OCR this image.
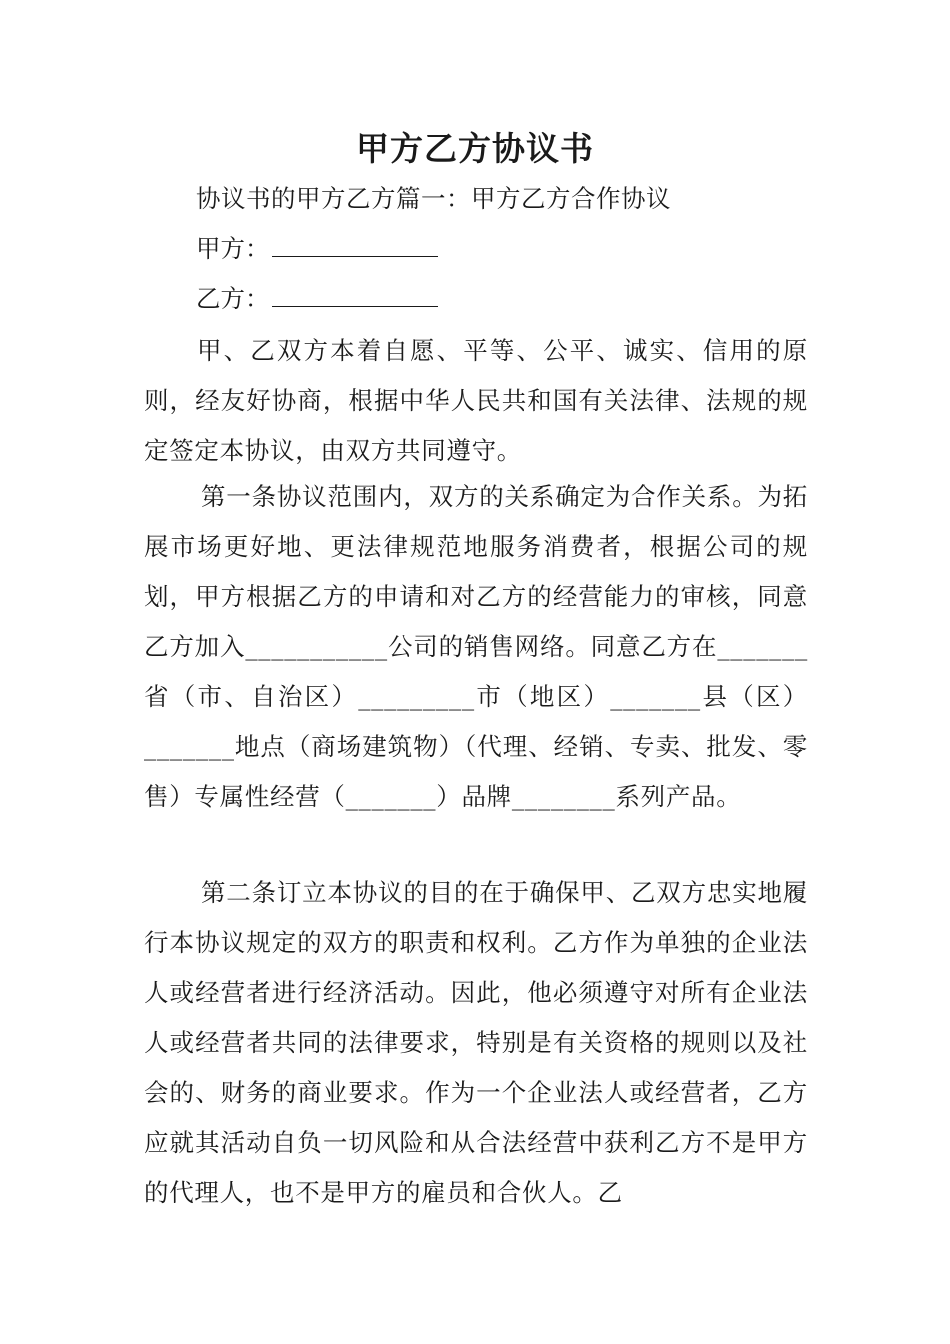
甲方乙方协议书
协议书的甲方乙方篇一：甲方乙方合作协议
甲方：
乙方：

甲、乙双方本着自愿、平等、公平、诚实、信用的原则，经友好协商，根据中华人民共和国有关法律、法规的规定签定本协议，由双方共同遵守。

第一条协议范围内，双方的关系确定为合作关系。为拓展市场更好地、更法律规范地服务消费者，根据公司的规划，甲方根据乙方的申请和对乙方的经营能力的审核，同意乙方加入___________公司的销售网络。同意乙方在_______省（市、自治区）_________市（地区）_______县（区）_______地点（商场建筑物）（代理、经销、专卖、批发、零售）专属性经营（_______）品牌________系列产品。

第二条订立本协议的目的在于确保甲、乙双方忠实地履行本协议规定的双方的职责和权利。乙方作为单独的企业法人或经营者进行经济活动。因此，他必须遵守对所有企业法人或经营者共同的法律要求，特别是有关资格的规则以及社会的、财务的商业要求。作为一个企业法人或经营者，乙方应就其活动自负一切风险和从合法经营中获利乙方不是甲方的代理人，也不是甲方的雇员和合伙人。乙
